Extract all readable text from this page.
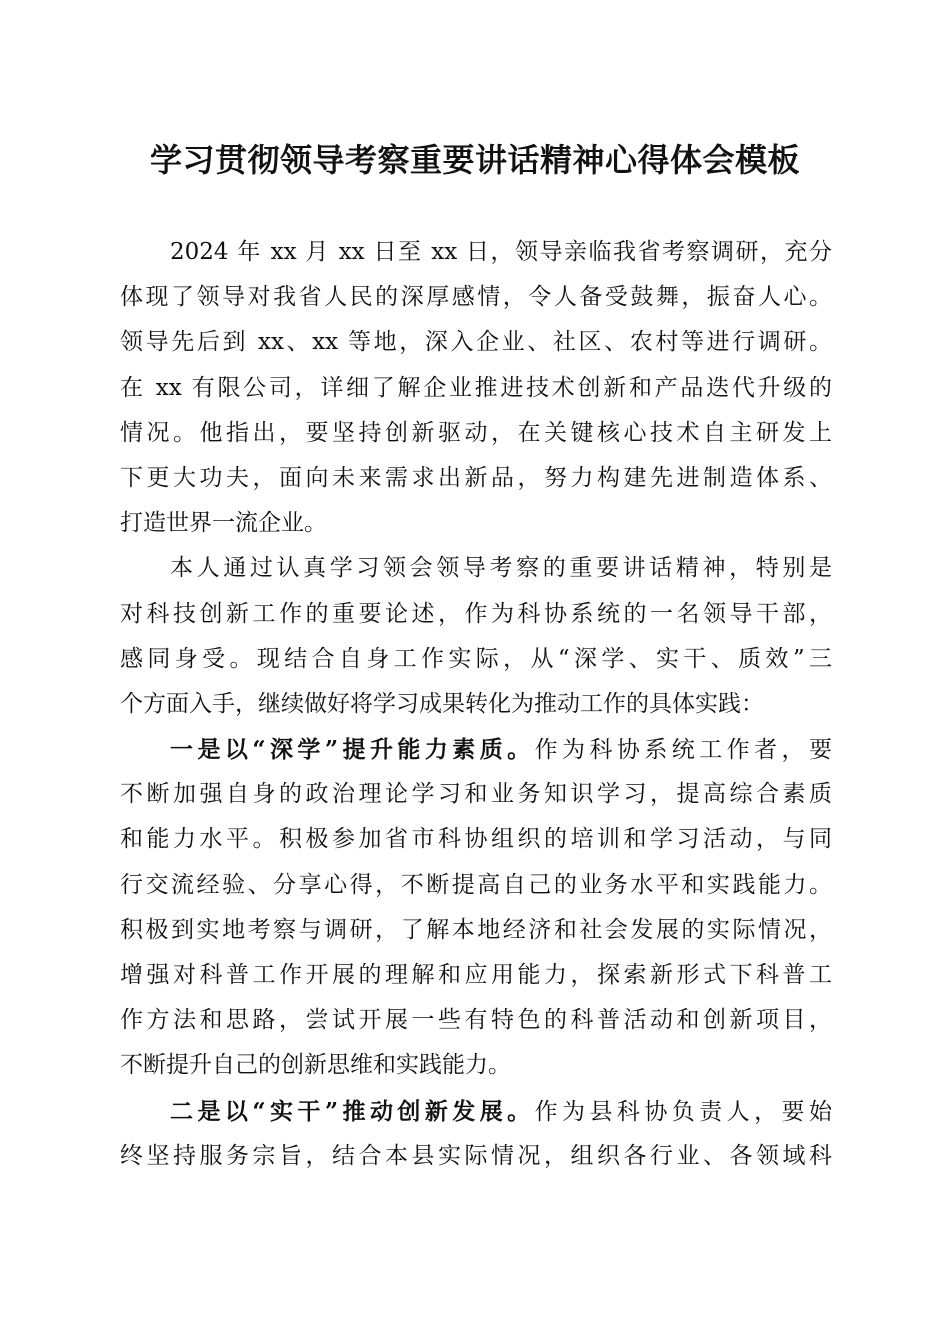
学习贯彻领导考察重要讲话精神心得体会模板
2024 年 xx 月 xx 日至 xx 日，领导亲临我省考察调研，充分
体现了领导对我省人民的深厚感情，令人备受鼓舞，振奋人心。
领导先后到 xx、xx 等地，深入企业、社区、农村等进行调研。
在 xx 有限公司，详细了解企业推进技术创新和产品迭代升级的
情况。他指出，要坚持创新驱动，在关键核心技术自主研发上
下更大功夫，面向未来需求出新品，努力构建先进制造体系、
打造世界一流企业。
本人通过认真学习领会领导考察的重要讲话精神，特别是
对科技创新工作的重要论述，作为科协系统的一名领导干部，
感同身受。现结合自身工作实际，从“深学、实干、质效”三
个方面入手，继续做好将学习成果转化为推动工作的具体实践：
一是以“深学”提升能力素质。作为科协系统工作者，要
不断加强自身的政治理论学习和业务知识学习，提高综合素质
和能力水平。积极参加省市科协组织的培训和学习活动，与同
行交流经验、分享心得，不断提高自己的业务水平和实践能力。
积极到实地考察与调研，了解本地经济和社会发展的实际情况，
增强对科普工作开展的理解和应用能力，探索新形式下科普工
作方法和思路，尝试开展一些有特色的科普活动和创新项目，
不断提升自己的创新思维和实践能力。
二是以“实干”推动创新发展。作为县科协负责人，要始
终坚持服务宗旨，结合本县实际情况，组织各行业、各领域科
